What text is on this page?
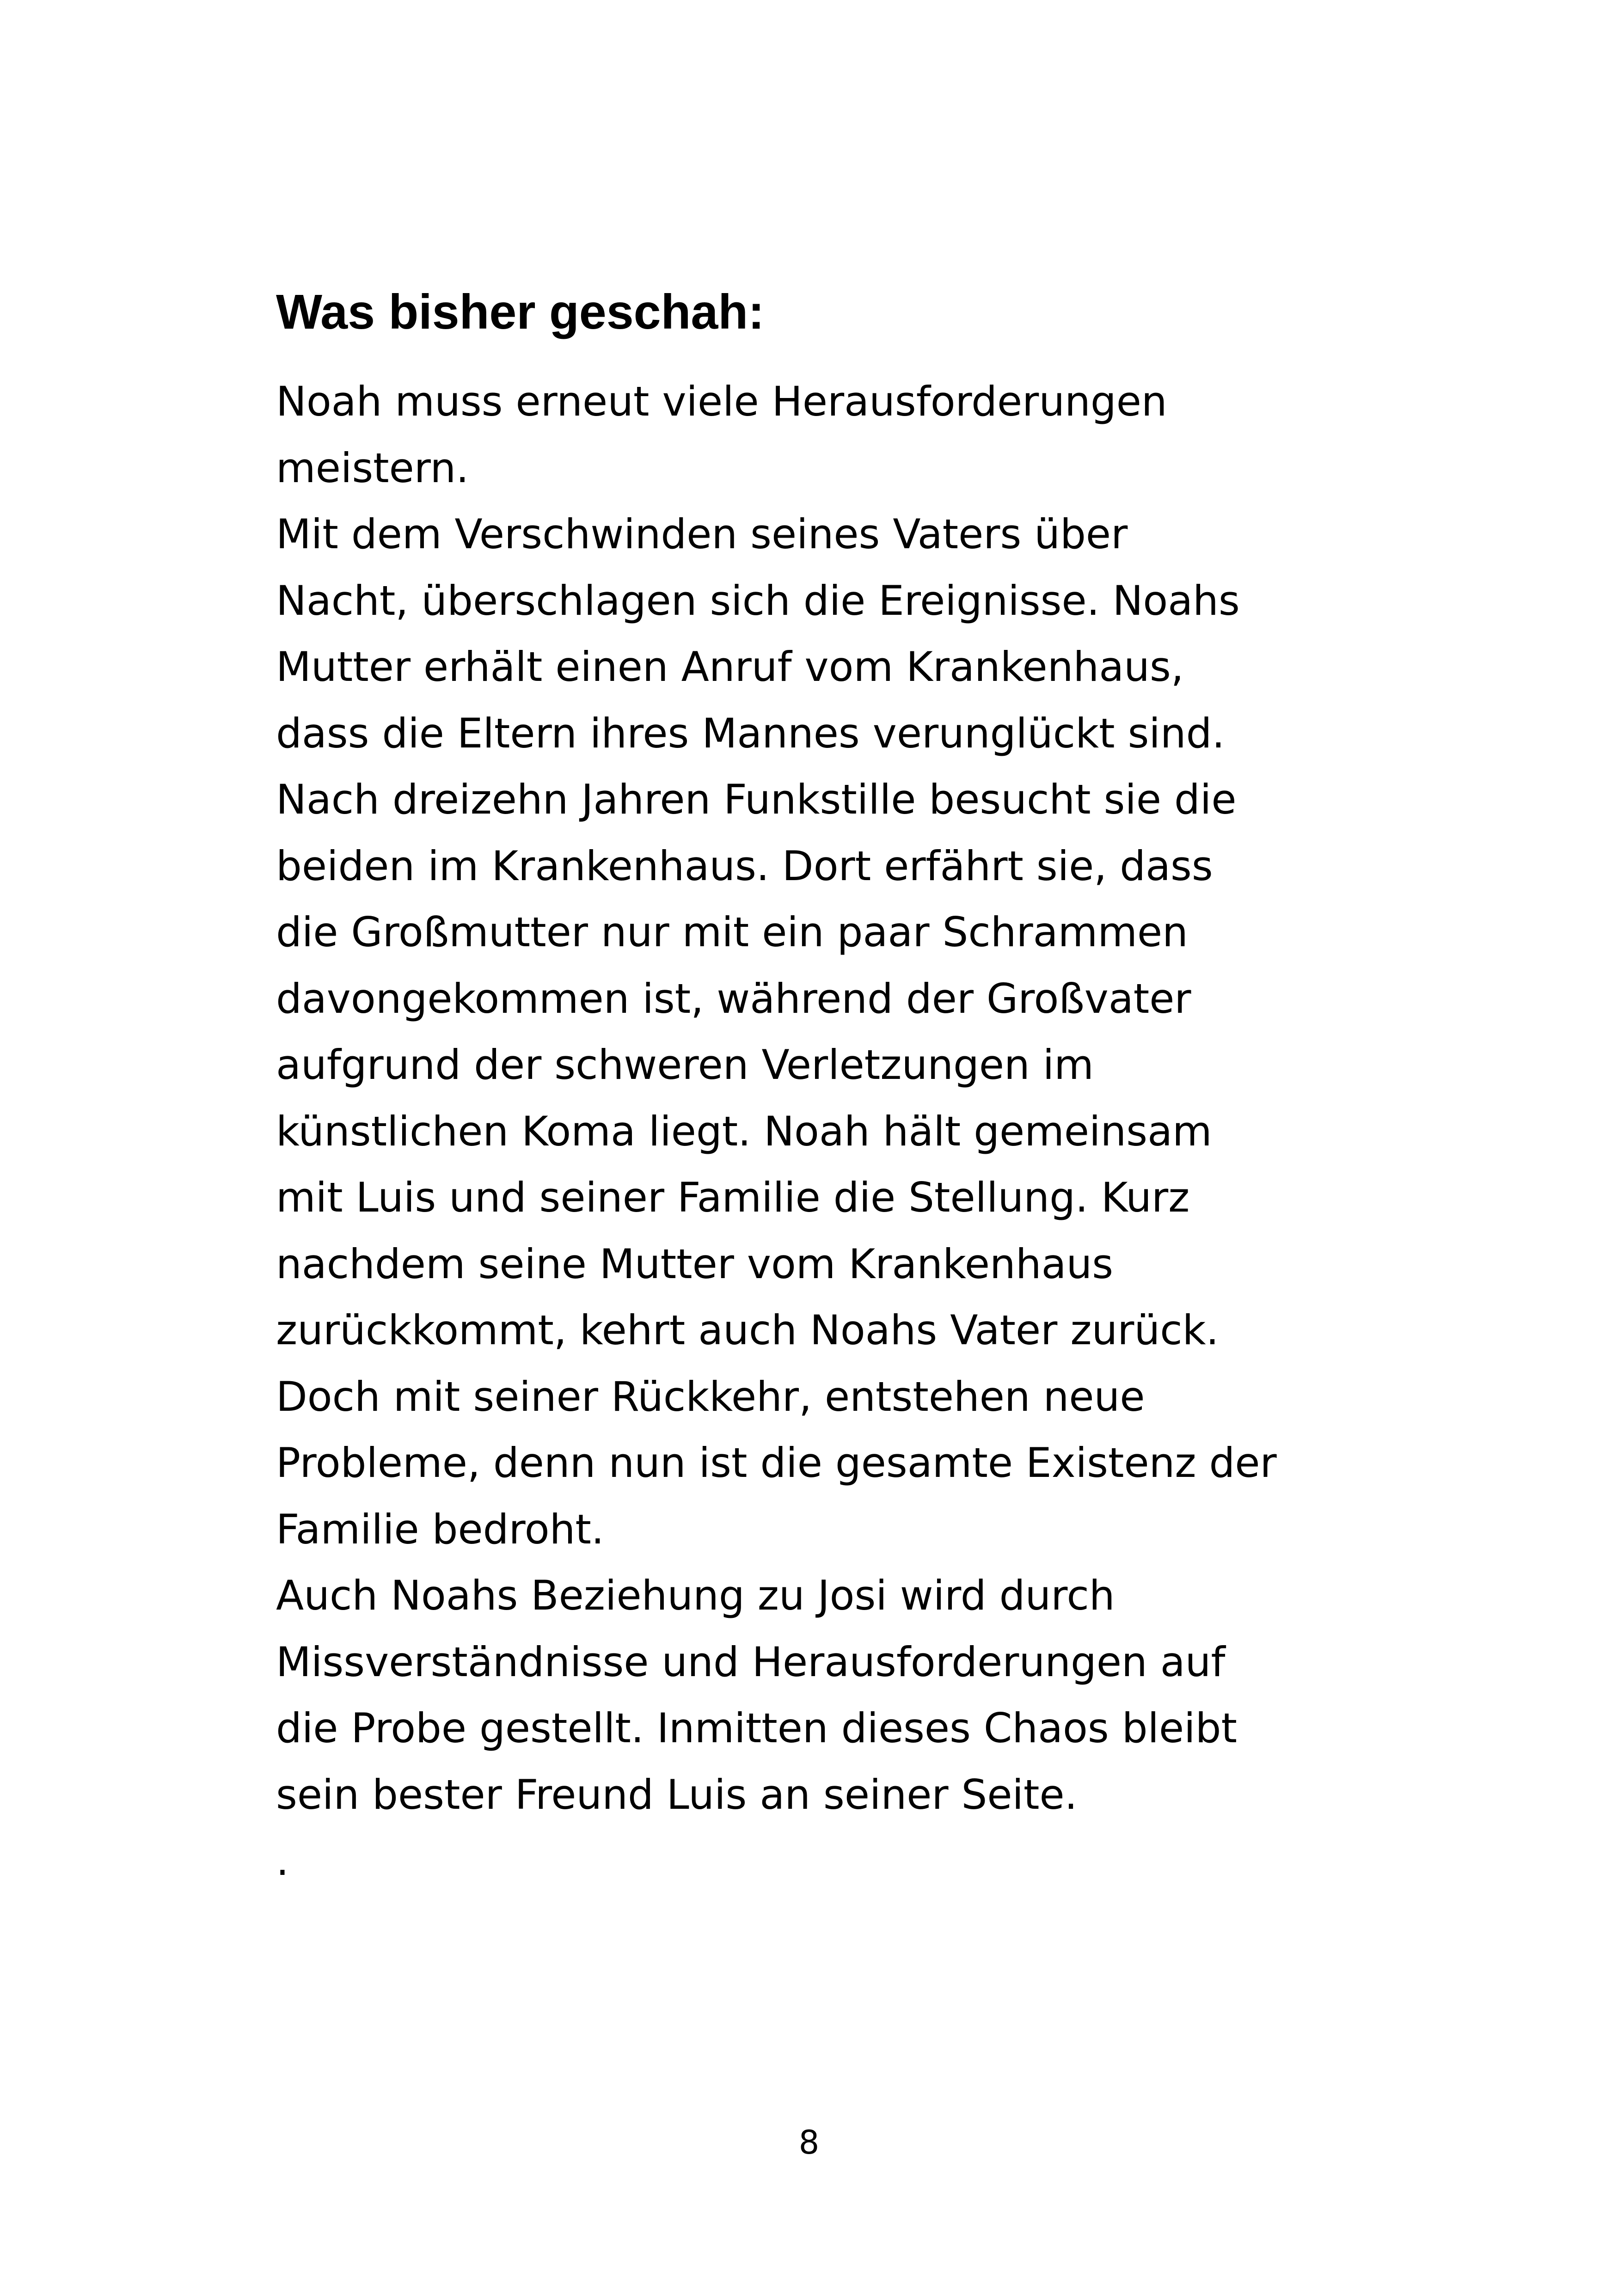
Was bisher geschah:
Noah muss erneut viele Herausforderungen
meistern.
Mit dem Verschwinden seines Vaters über
Nacht, überschlagen sich die Ereignisse. Noahs
Mutter erhält einen Anruf vom Krankenhaus,
dass die Eltern ihres Mannes verunglückt sind.
Nach dreizehn Jahren Funkstille besucht sie die
beiden im Krankenhaus. Dort erfährt sie, dass
die Großmutter nur mit ein paar Schrammen
davongekommen ist, während der Großvater
aufgrund der schweren Verletzungen im
künstlichen Koma liegt. Noah hält gemeinsam
mit Luis und seiner Familie die Stellung. Kurz
nachdem seine Mutter vom Krankenhaus
zurückkommt, kehrt auch Noahs Vater zurück.
Doch mit seiner Rückkehr, entstehen neue
Probleme, denn nun ist die gesamte Existenz der
Familie bedroht.
Auch Noahs Beziehung zu Josi wird durch
Missverständnisse und Herausforderungen auf
die Probe gestellt. Inmitten dieses Chaos bleibt
sein bester Freund Luis an seiner Seite.
.
8
